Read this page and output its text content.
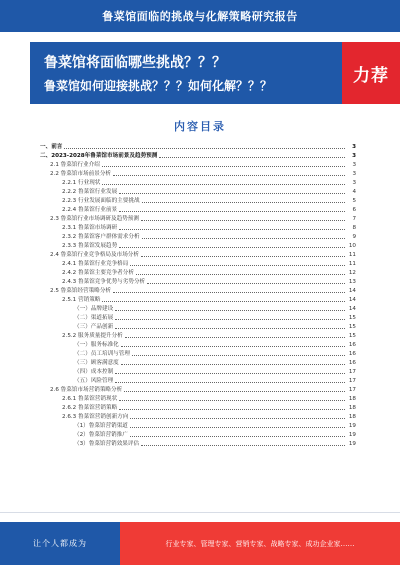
鲁菜馆面临的挑战与化解策略研究报告
鲁菜馆将面临哪些挑战？？？
鲁菜馆如何迎接挑战？？？如何化解？？？
力荐
内容目录
一、前言	3
二、2023-2028年鲁菜馆市场前景及趋势预测	3
2.1 鲁菜馆行业介绍	3
2.2 鲁菜馆市场前景分析	3
2.2.1 行业现状	3
2.2.2 鲁菜馆行业发展	4
2.2.3 行业发展面临的主要挑战	5
2.2.4 鲁菜馆行业前景	6
2.3 鲁菜馆行业市场调研及趋势预测	7
2.3.1 鲁菜馆市场调研	8
2.3.2 鲁菜馆客户群体需求分析	9
2.3.3 鲁菜馆发展趋势	10
2.4 鲁菜馆行业竞争格局及市场分析	11
2.4.1 鲁菜馆行业竞争格局	11
2.4.2 鲁菜馆主要竞争者分析	12
2.4.3 鲁菜馆竞争优势与劣势分析	13
2.5 鲁菜馆经营策略分析	14
2.5.1 营销策略	14
（一）品牌建设	14
（二）渠道拓展	15
（三）产品创新	15
2.5.2 服务质量提升分析	15
（一）服务标准化	16
（二）员工培训与管理	16
（三）顾客满意度	16
（四）成本控制	17
（五）风险管理	17
2.6 鲁菜馆市场营销策略分析	17
2.6.1 鲁菜馆营销现状	18
2.6.2 鲁菜馆营销策略	18
2.6.3 鲁菜馆营销创新方向	18
（1）鲁菜馆营销渠道	19
（2）鲁菜馆营销推广	19
（3）鲁菜馆营销效果评估	19
让个人都成为	行业专家、管理专家、营销专家、战略专家、成功企业家……
